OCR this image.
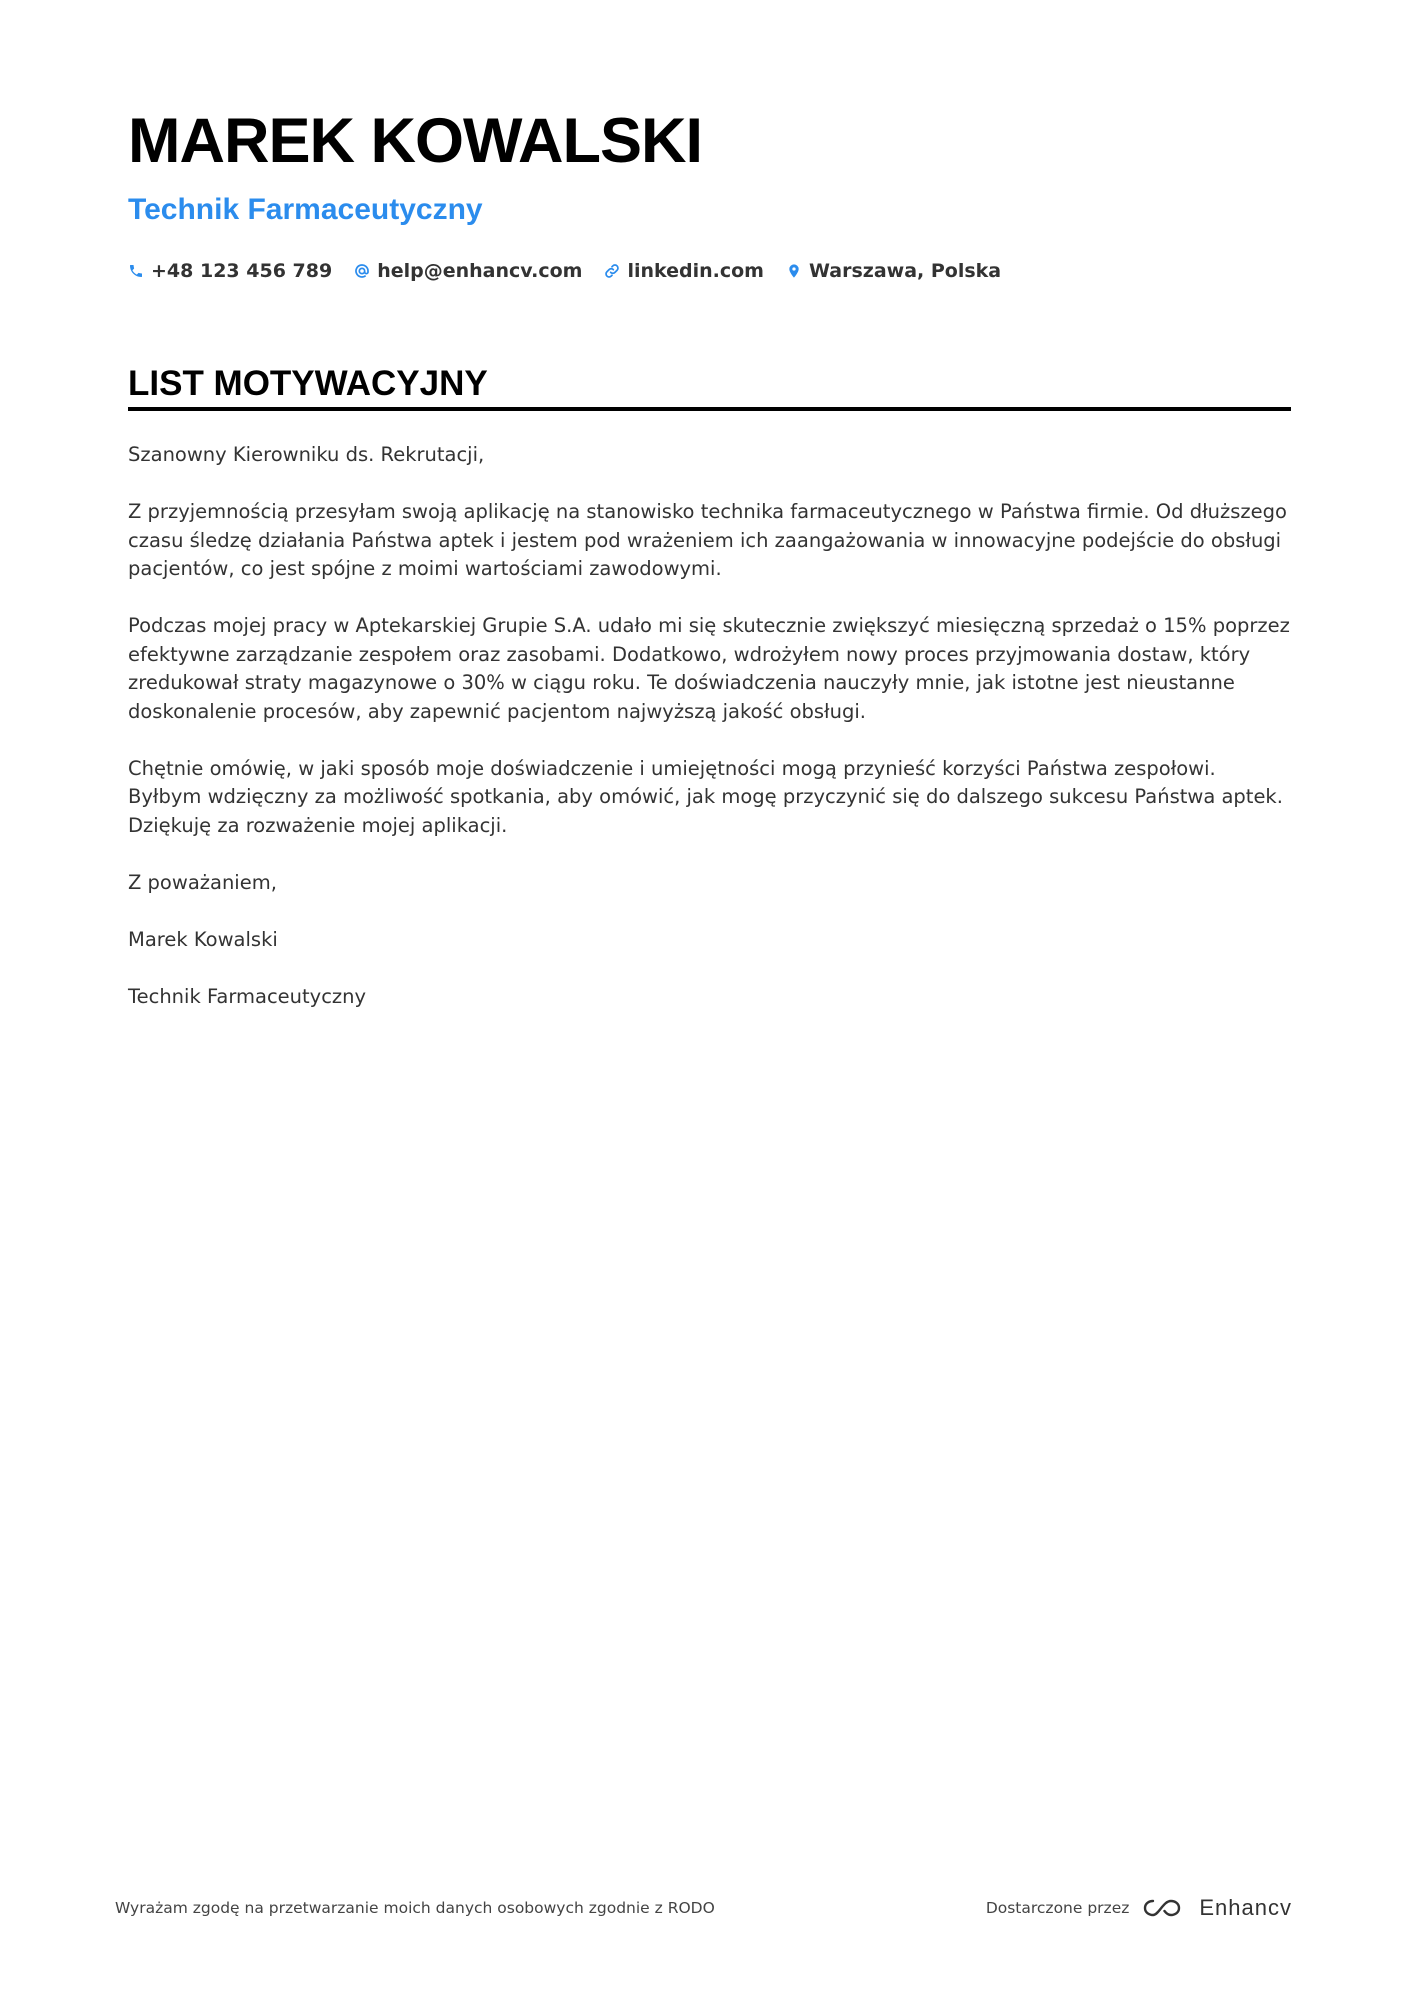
MAREK KOWALSKI
Technik Farmaceutyczny
+48 123 456 789 help@enhancv.com linkedin.com Warszawa, Polska
LIST MOTYWACYJNY

Szanowny Kierowniku ds. Rekrutacji,

Z przyjemnością przesyłam swoją aplikację na stanowisko technika farmaceutycznego w Państwa firmie. Od dłuższego czasu śledzę działania Państwa aptek i jestem pod wrażeniem ich zaangażowania w innowacyjne podejście do obsługi pacjentów, co jest spójne z moimi wartościami zawodowymi.

Podczas mojej pracy w Aptekarskiej Grupie S.A. udało mi się skutecznie zwiększyć miesięczną sprzedaż o 15% poprzez efektywne zarządzanie zespołem oraz zasobami. Dodatkowo, wdrożyłem nowy proces przyjmowania dostaw, który zredukował straty magazynowe o 30% w ciągu roku. Te doświadczenia nauczyły mnie, jak istotne jest nieustanne doskonalenie procesów, aby zapewnić pacjentom najwyższą jakość obsługi.

Chętnie omówię, w jaki sposób moje doświadczenie i umiejętności mogą przynieść korzyści Państwa zespołowi. Byłbym wdzięczny za możliwość spotkania, aby omówić, jak mogę przyczynić się do dalszego sukcesu Państwa aptek. Dziękuję za rozważenie mojej aplikacji.

Z poważaniem,

Marek Kowalski

Technik Farmaceutyczny

Wyrażam zgodę na przetwarzanie moich danych osobowych zgodnie z RODO	Dostarczone przez	Enhancv
